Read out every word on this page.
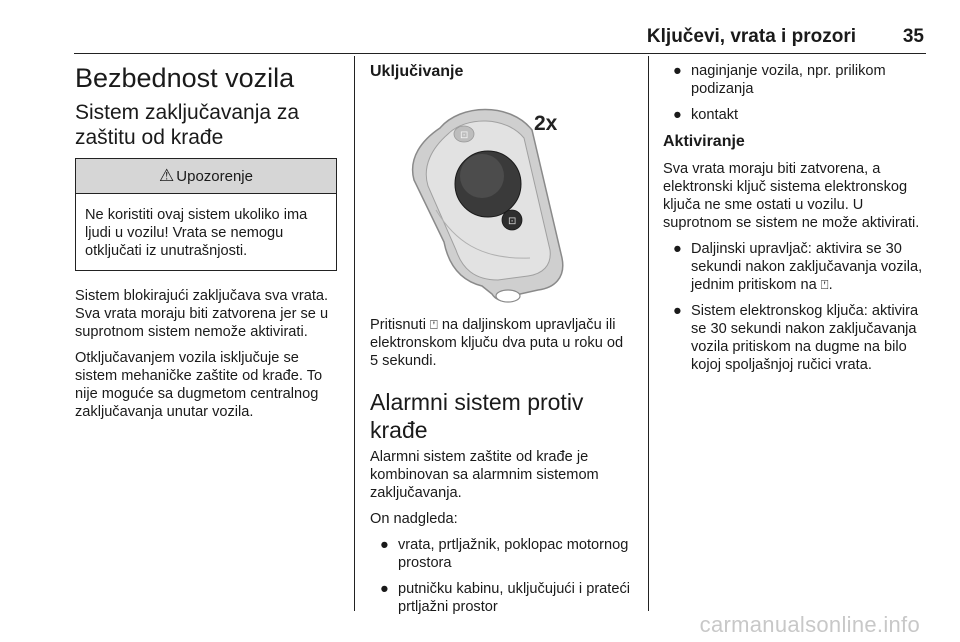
Ključevi, vrata i prozori 35
Bezbednost vozila
Sistem zaključavanja za zaštitu od krađe
⚠ Upozorenje
Ne koristiti ovaj sistem ukoliko ima ljudi u vozilu! Vrata se nemogu otključati iz unutrašnjosti.

Sistem blokirajući zaključava sva vrata. Sva vrata moraju biti zatvorena jer se u suprotnom sistem nemože aktivirati.

Otključavanjem vozila isključuje se sistem mehaničke zaštite od krađe. To nije moguće sa dugmetom centralnog zaključavanja unutar vozila.

Uključivanje
⊡
⊡
2x

Pritisnuti ⍞ na daljinskom upravljaču ili elektronskom ključu dva puta u roku od 5 sekundi.

Alarmni sistem protiv krađe

Alarmni sistem zaštite od krađe je kombinovan sa alarmnim sistemom zaključavanja.

On nadgleda:

● vrata, prtljažnik, poklopac motornog prostora
● putničku kabinu, uključujući i prateći prtljažni prostor
● naginjanje vozila, npr. prilikom podizanja
● kontakt
Aktiviranje

Sva vrata moraju biti zatvorena, a elektronski ključ sistema elektronskog ključa ne sme ostati u vozilu. U suprotnom se sistem ne može aktivirati.

● Daljinski upravljač: aktivira se 30 sekundi nakon zaključavanja vozila, jednim pritiskom na ⍞.
● Sistem elektronskog ključa: aktivira se 30 sekundi nakon zaključavanja vozila pritiskom na dugme na bilo kojoj spoljašnjoj ručici vrata.
carmanualsonline.info
